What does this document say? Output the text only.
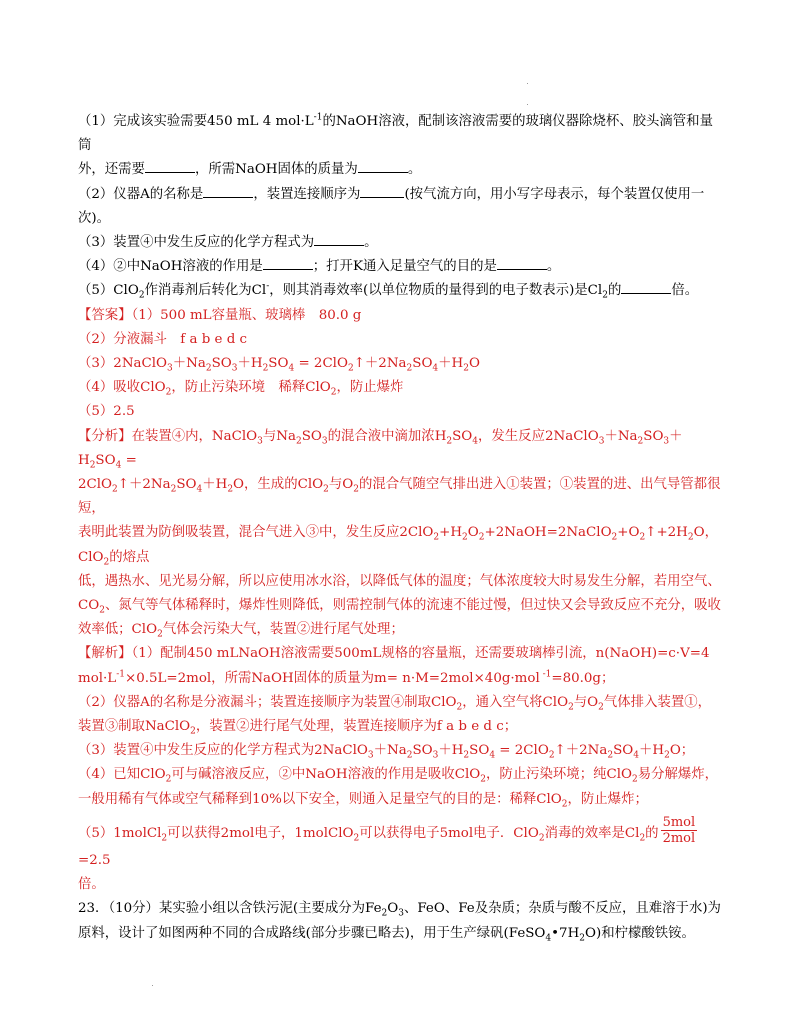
（1）完成该实验需要450 mL 4 $mol\cdot L^{-1}$的NaOH溶液，配制该溶液需要的玻璃仪器除烧杯、胶头滴管和量筒

外，还需要	，所需NaOH固体的质量为	。

（2）仪器A的名称是	，装置连接顺序为	(按气流方向，用小写字母表示，每个装置仅使用一

次)。

（3）装置④中发生反应的化学方程式为	。

（4）②中NaOH溶液的作用是	；打开K通入足量空气的目的是	。

（5）ClO$_2$作消毒剂后转化为Cl-，则其消毒效率(以单位物质的量得到的电子数表示)是$Cl_2$的	倍。

【答案】（1）500 mL容量瓶、玻璃棒　80.0 g

（2）分液漏斗　f a b e d c

$(3)2NaClO_3+Na_2SO_3+H_2SO_4$ = $2ClO_2↑+2Na_2SO_4+H_2O$

（4）吸收ClO$_2$，防止污染环境　稀释ClO$_2$，防止爆炸

（5）2.5

【分析】在装置④内，NaClO$_3$与$Na_2SO_3$的混合液中滴加浓$H_2SO_4$，发生反应$2NaClO_3+Na_2SO_3+H_2SO_4$ =

$2ClO_2↑+2Na_2SO_4+H_2O$，生成的ClO$_2$与$O_2$的混合气随空气排出进入①装置；①装置的进、出气导管都很短，

表明此装置为防倒吸装置，混合气进入③中，发生反应$2ClO_2+H_2O_2+2NaOH=2NaClO_2+O_2↑+2H_2O$，ClO$_2$的熔点

低，遇热水、见光易分解，所以应使用冰水浴，以降低气体的温度；气体浓度较大时易发生分解，若用空气、

$CO_2$、氮气等气体稀释时，爆炸性则降低，则需控制气体的流速不能过慢，但过快又会导致反应不充分，吸收

效率低；ClO$_2$气体会污染大气，装置②进行尾气处理；

【解析】（1）配制450 mLNaOH溶液需要500mL规格的容量瓶，还需要玻璃棒引流，n(NaOH)=c·V=4

$mol\cdot L^{-1}\times 0.5L=2mol$，所需NaOH固体的质量为m= n·M=2mol×40g·mol $^{-1}$=80.0g；

（2）仪器A的名称是分液漏斗；装置连接顺序为装置④制取ClO$_2$，通入空气将ClO$_2$与$O_2$气体排入装置①，

装置③制取NaClO$_2$，装置②进行尾气处理，装置连接顺序为f a b e d c；

（3）装置④中发生反应的化学方程式为$2NaClO_3+Na_2SO_3+H_2SO_4$ = $2ClO_2↑+2Na_2SO_4+H_2O$；

（4）已知ClO$_2$可与碱溶液反应，②中NaOH溶液的作用是吸收ClO$_2$，防止污染环境；纯ClO$_2$易分解爆炸，

一般用稀有气体或空气稀释到10%以下安全，则通入足量空气的目的是：稀释ClO$_2$，防止爆炸；

（5）1molCl$_2$可以获得2mol电子，1molClO$_2$可以获得电子5mol电子．ClO$_2$消毒的效率是$Cl_2$的 $\frac{\text{5mol}}{\text{2mol}}$
=2.5

倍。

23．（10分）某实验小组以含铁污泥(主要成分为$Fe_2O_3$、FeO、Fe及杂质；杂质与酸不反应，且难溶于水)为

原料，设计了如图两种不同的合成路线(部分步骤已略去)，用于生产绿矾$(FeSO_4•7H_2O)$和柠檬酸铁铵。
